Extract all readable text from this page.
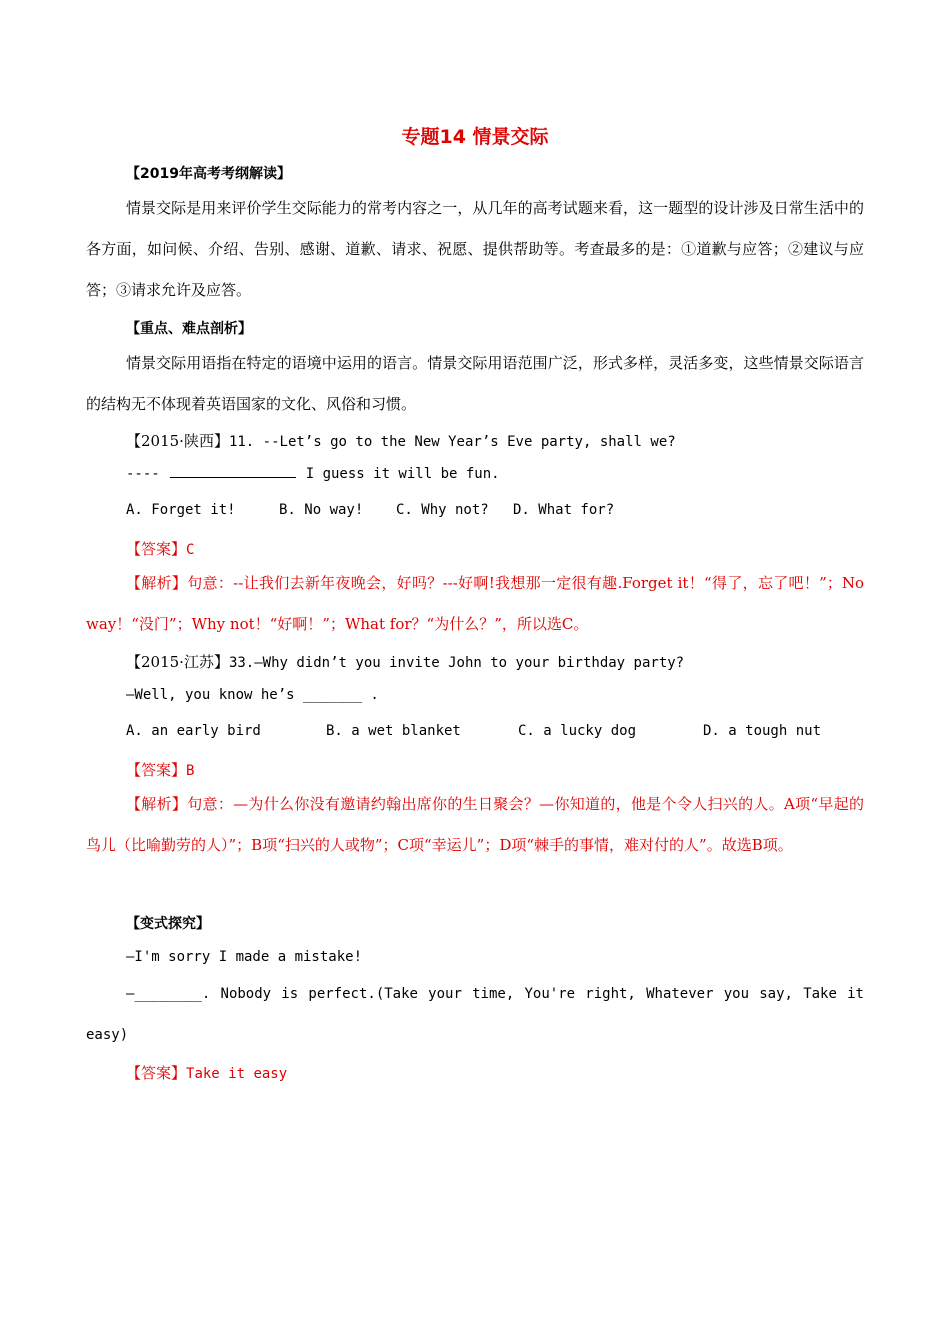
专题14 情景交际
【2019年高考考纲解读】
情景交际是用来评价学生交际能力的常考内容之一，从几年的高考试题来看，这一题型的设计涉及日常生活中的各方面，如问候、介绍、告别、感谢、道歉、请求、祝愿、提供帮助等。考查最多的是：①道歉与应答；②建议与应答；③请求允许及应答。
【重点、难点剖析】
情景交际用语指在特定的语境中运用的语言。情景交际用语范围广泛，形式多样，灵活多变，这些情景交际语言的结构无不体现着英语国家的文化、风俗和习惯。
【2015·陕西】11. --Let’s go to the New Year’s Eve party, shall we?
----	I guess it will be fun.
A. Forget it!	B. No way! C. Why not? D. What for?
【答案】C
【解析】句意：--让我们去新年夜晚会，好吗？---好啊!我想那一定很有趣.Forget it！“得了，忘了吧！”；No way！“没门”；Why not！“好啊！”；What for？“为什么？”，所以选C。
【2015·江苏】33.—Why didn’t you invite John to your birthday party?
—Well, you know he’s _______ .
A. an early bird	B. a wet blanket	C. a lucky dog	D. a tough nut
【答案】B
【解析】句意：—为什么你没有邀请约翰出席你的生日聚会？—你知道的，他是个令人扫兴的人。A项“早起的鸟儿（比喻勤劳的人）”；B项“扫兴的人或物”；C项“幸运儿”；D项“棘手的事情，难对付的人”。故选B项。
【变式探究】
—I'm sorry I made a mistake!
—________. Nobody is perfect.(Take your time, You're right, Whatever you say, Take it easy)
【答案】Take it easy
